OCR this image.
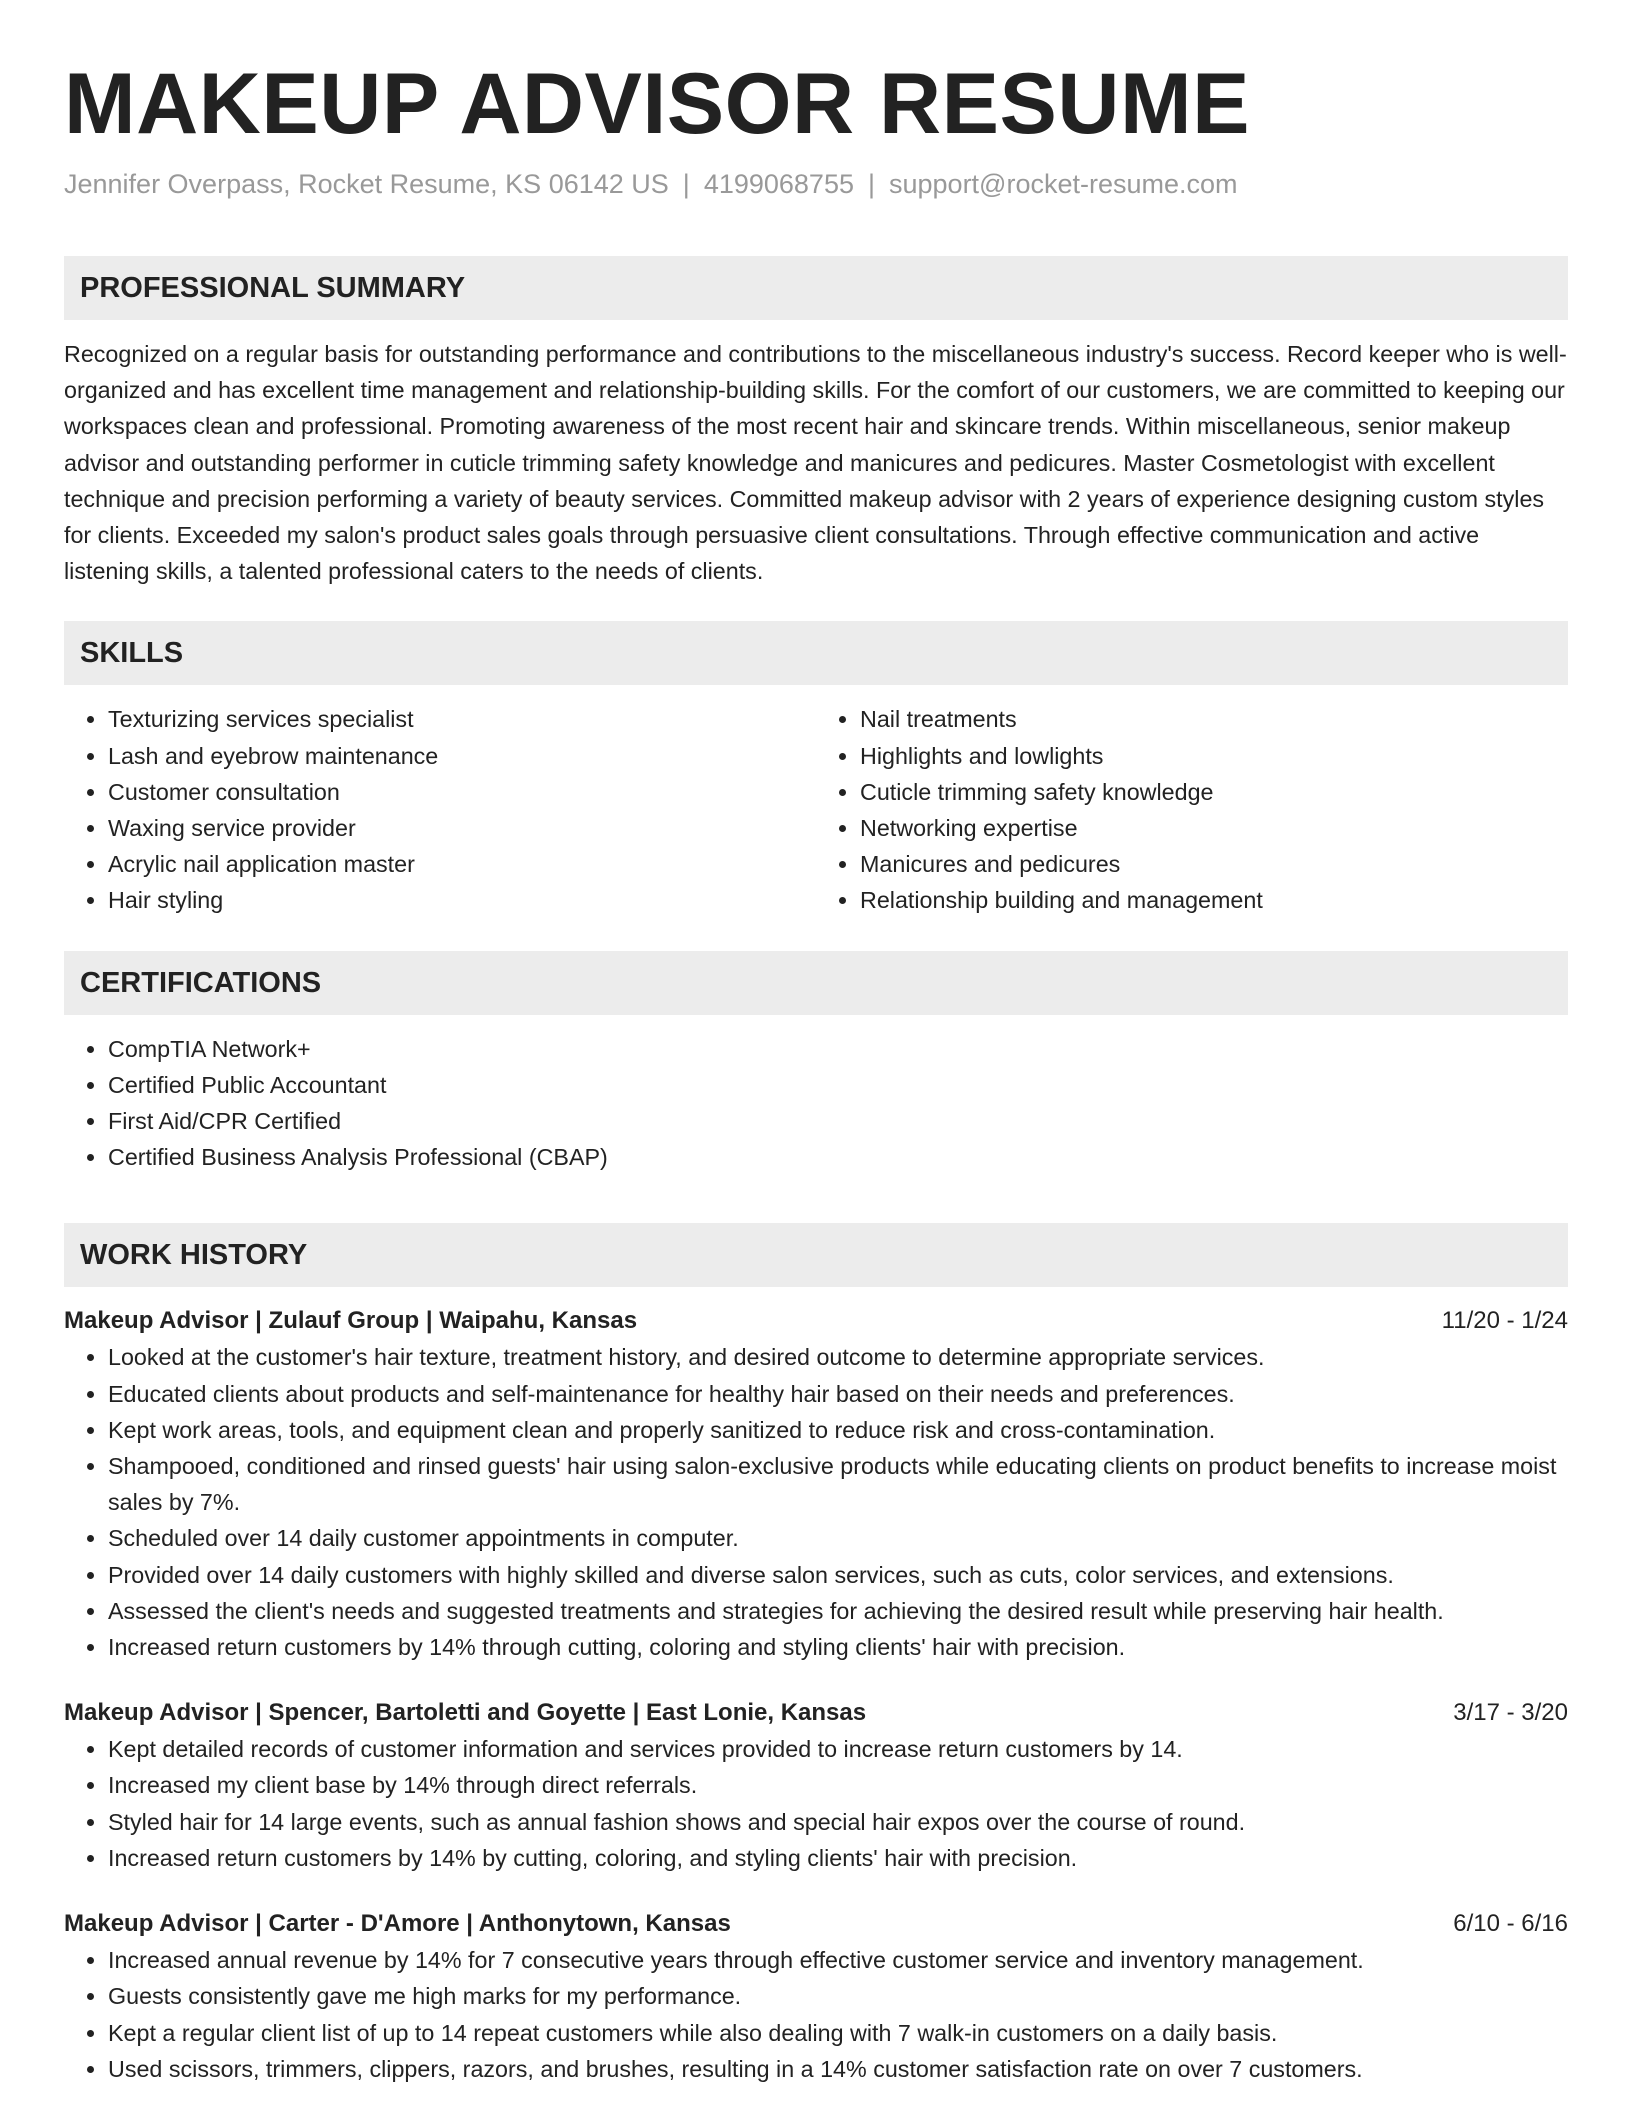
MAKEUP ADVISOR RESUME
Jennifer Overpass, Rocket Resume, KS 06142 US | 4199068755 | support@rocket-resume.com
PROFESSIONAL SUMMARY
Recognized on a regular basis for outstanding performance and contributions to the miscellaneous industry's success. Record keeper who is well-organized and has excellent time management and relationship-building skills. For the comfort of our customers, we are committed to keeping our workspaces clean and professional. Promoting awareness of the most recent hair and skincare trends. Within miscellaneous, senior makeup advisor and outstanding performer in cuticle trimming safety knowledge and manicures and pedicures. Master Cosmetologist with excellent technique and precision performing a variety of beauty services. Committed makeup advisor with 2 years of experience designing custom styles for clients. Exceeded my salon's product sales goals through persuasive client consultations. Through effective communication and active listening skills, a talented professional caters to the needs of clients.
SKILLS
• Texturizing services specialist
• Lash and eyebrow maintenance
• Customer consultation
• Waxing service provider
• Acrylic nail application master
• Hair styling
• Nail treatments
• Highlights and lowlights
• Cuticle trimming safety knowledge
• Networking expertise
• Manicures and pedicures
• Relationship building and management
CERTIFICATIONS
• CompTIA Network+
• Certified Public Accountant
• First Aid/CPR Certified
• Certified Business Analysis Professional (CBAP)
WORK HISTORY
Makeup Advisor | Zulauf Group | Waipahu, Kansas	11/20 - 1/24
• Looked at the customer's hair texture, treatment history, and desired outcome to determine appropriate services.
• Educated clients about products and self-maintenance for healthy hair based on their needs and preferences.
• Kept work areas, tools, and equipment clean and properly sanitized to reduce risk and cross-contamination.
• Shampooed, conditioned and rinsed guests' hair using salon-exclusive products while educating clients on product benefits to increase moist sales by 7%.
• Scheduled over 14 daily customer appointments in computer.
• Provided over 14 daily customers with highly skilled and diverse salon services, such as cuts, color services, and extensions.
• Assessed the client's needs and suggested treatments and strategies for achieving the desired result while preserving hair health.
• Increased return customers by 14% through cutting, coloring and styling clients' hair with precision.
Makeup Advisor | Spencer, Bartoletti and Goyette | East Lonie, Kansas	3/17 - 3/20
• Kept detailed records of customer information and services provided to increase return customers by 14.
• Increased my client base by 14% through direct referrals.
• Styled hair for 14 large events, such as annual fashion shows and special hair expos over the course of round.
• Increased return customers by 14% by cutting, coloring, and styling clients' hair with precision.
Makeup Advisor | Carter - D'Amore | Anthonytown, Kansas	6/10 - 6/16
• Increased annual revenue by 14% for 7 consecutive years through effective customer service and inventory management.
• Guests consistently gave me high marks for my performance.
• Kept a regular client list of up to 14 repeat customers while also dealing with 7 walk-in customers on a daily basis.
• Used scissors, trimmers, clippers, razors, and brushes, resulting in a 14% customer satisfaction rate on over 7 customers.
